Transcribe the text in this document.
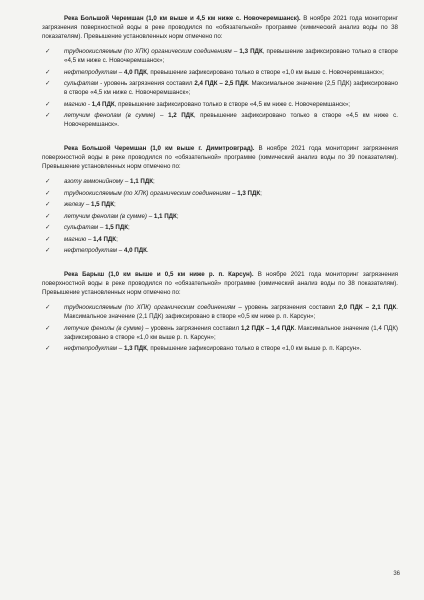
Река Большой Черемшан (1,0 км выше и 4,5 км ниже с. Новочеремшанск). В ноябре 2021 года мониторинг загрязнения поверхностной воды в реке проводился по «обязательной» программе (химический анализ воды по 38 показателям). Превышение установленных норм отмечено по:

✓ трудноокисляемым (по ХПК) органическим соединениям – 1,3 ПДК, превышение зафиксировано только в створе «4,5 км ниже с. Новочеремшанск»;
✓ нефтепродуктам – 4,0 ПДК, превышение зафиксировано только в створе «1,0 км выше с. Новочеремшанск»;
✓ сульфатам - уровень загрязнения составил 2,4 ПДК – 2,5 ПДК. Максимальное значение (2,5 ПДК) зафиксировано в створе «4,5 км ниже с. Новочеремшанск»;
✓ магнию - 1,4 ПДК, превышение зафиксировано только в створе «4,5 км ниже с. Новочеремшанск»;
✓ летучим фенолам (в сумме) – 1,2 ПДК, превышение зафиксировано только в створе «4,5 км ниже с. Новочеремшанск».

Река Большой Черемшан (1,0 км выше г. Димитровград). В ноябре 2021 года мониторинг загрязнения поверхностной воды в реке проводился по «обязательной» программе (химический анализ воды по 39 показателям). Превышение установленных норм отмечено по:

✓ азоту аммонийному – 1,1 ПДК;
✓ трудноокисляемым (по ХПК) органическим соединениям – 1,3 ПДК;
✓ железу – 1,5 ПДК;
✓ летучим фенолам (в сумме) – 1,1 ПДК;
✓ сульфатам – 1,5 ПДК;
✓ магнию – 1,4 ПДК;
✓ нефтепродуктам – 4,0 ПДК.

Река Барыш (1,0 км выше и 0,5 км ниже р. п. Карсун). В ноябре 2021 года мониторинг загрязнения поверхностной воды в реке проводился по «обязательной» программе (химический анализ воды по 38 показателям). Превышение установленных норм отмечено по:

✓ трудноокисляемым (по ХПК) органическим соединениям – уровень загрязнения составил 2,0 ПДК – 2,1 ПДК. Максимальное значение (2,1 ПДК) зафиксировано в створе «0,5 км ниже р. п. Карсун»;
✓ летучие фенолы (в сумме) – уровень загрязнения составил 1,2 ПДК – 1,4 ПДК. Максимальное значение (1,4 ПДК) зафиксировано в створе «1,0 км выше р. п. Карсун»;
✓ нефтепродуктам – 1,3 ПДК, превышение зафиксировано только в створе «1,0 км выше р. п. Карсун».
36
